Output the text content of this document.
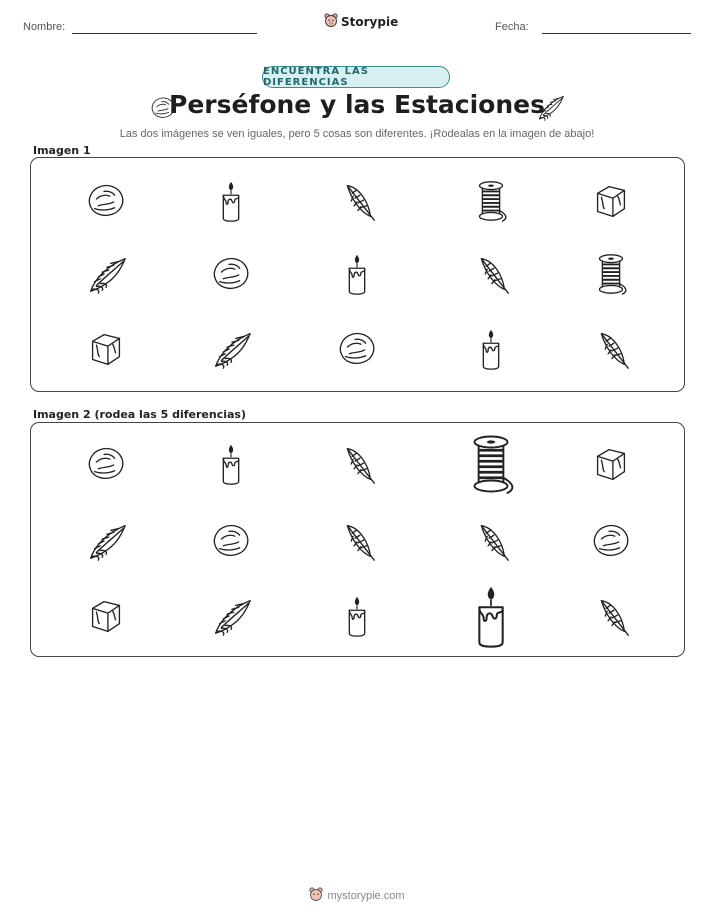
Nombre:	Storypie	Fecha:
ENCUENTRA LAS DIFERENCIAS
Perséfone y las Estaciones
Las dos imágenes se ven iguales, pero 5 cosas son diferentes. ¡Rodealas en la imagen de abajo!
Imagen 1
Imagen 2 (rodea las 5 diferencias)
mystorypie.com
